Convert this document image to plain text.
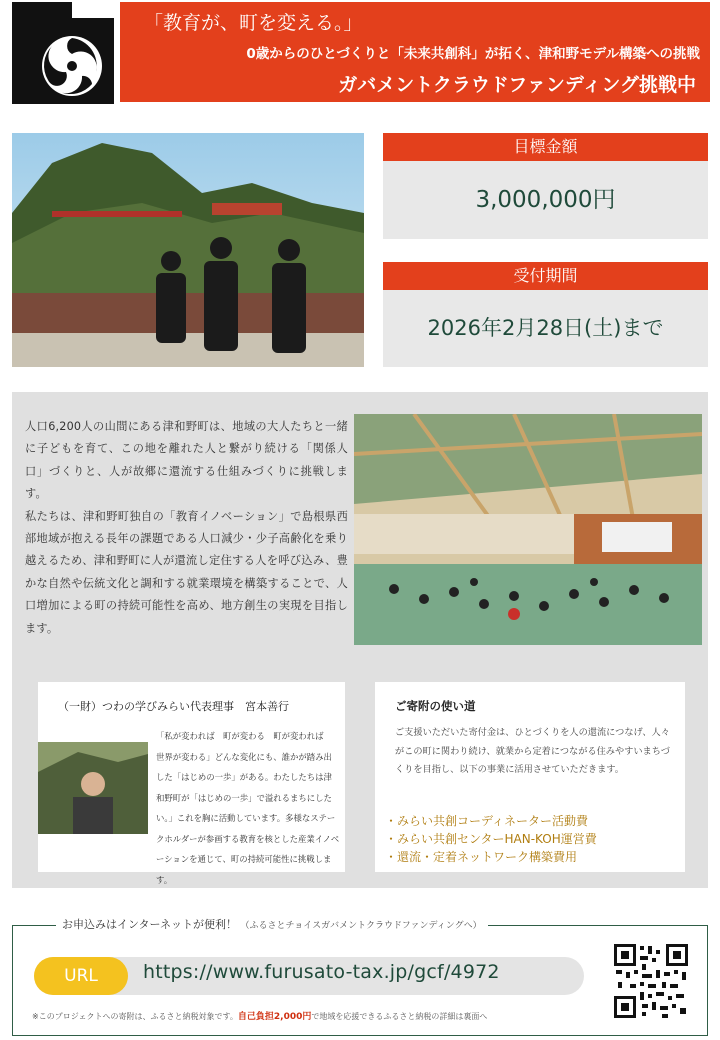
「教育が、町を変える。」
0歳からのひとづくりと「未来共創科」が拓く、津和野モデル構築への挑戦
ガバメントクラウドファンディング挑戦中
目標金額
3,000,000円
受付期間
2026年2月28日(土)まで

人口6,200人の山間にある津和野町は、地域の大人たちと一緒に子どもを育て、この地を離れた人と繋がり続ける「関係人口」づくりと、人が故郷に還流する仕組みづくりに挑戦します。

私たちは、津和野町独自の「教育イノベーション」で島根県西部地域が抱える長年の課題である人口減少・少子高齢化を乗り越えるため、津和野町に人が還流し定住する人を呼び込み、豊かな自然や伝統文化と調和する就業環境を構築することで、人口増加による町の持続可能性を高め、地方創生の実現を目指します。

（一財）つわの学びみらい代表理事　宮本善行
「私が変われば　町が変わる　町が変われば　世界が変わる」どんな変化にも、誰かが踏み出した「はじめの一歩」がある。わたしたちは津和野町が「はじめの一歩」で溢れるまちにしたい。」これを胸に活動しています。多様なステークホルダーが参画する教育を核とした産業イノベーションを通じて、町の持続可能性に挑戦します。
ご寄附の使い道
ご支援いただいた寄付金は、ひとづくりを人の還流につなげ、人々がこの町に関わり続け、就業から定着につながる住みやすいまちづくりを目指し、以下の事業に活用させていただきます。
・みらい共創コーディネーター活動費
・みらい共創センターHAN-KOH運営費
・還流・定着ネットワーク構築費用
お申込みはインターネットが便利！ （ふるさとチョイスガバメントクラウドファンディングへ）
URL	https://www.furusato-tax.jp/gcf/4972
※このプロジェクトへの寄附は、ふるさと納税対象です。自己負担2,000円で地域を応援できるふるさと納税の詳細は裏面へ
